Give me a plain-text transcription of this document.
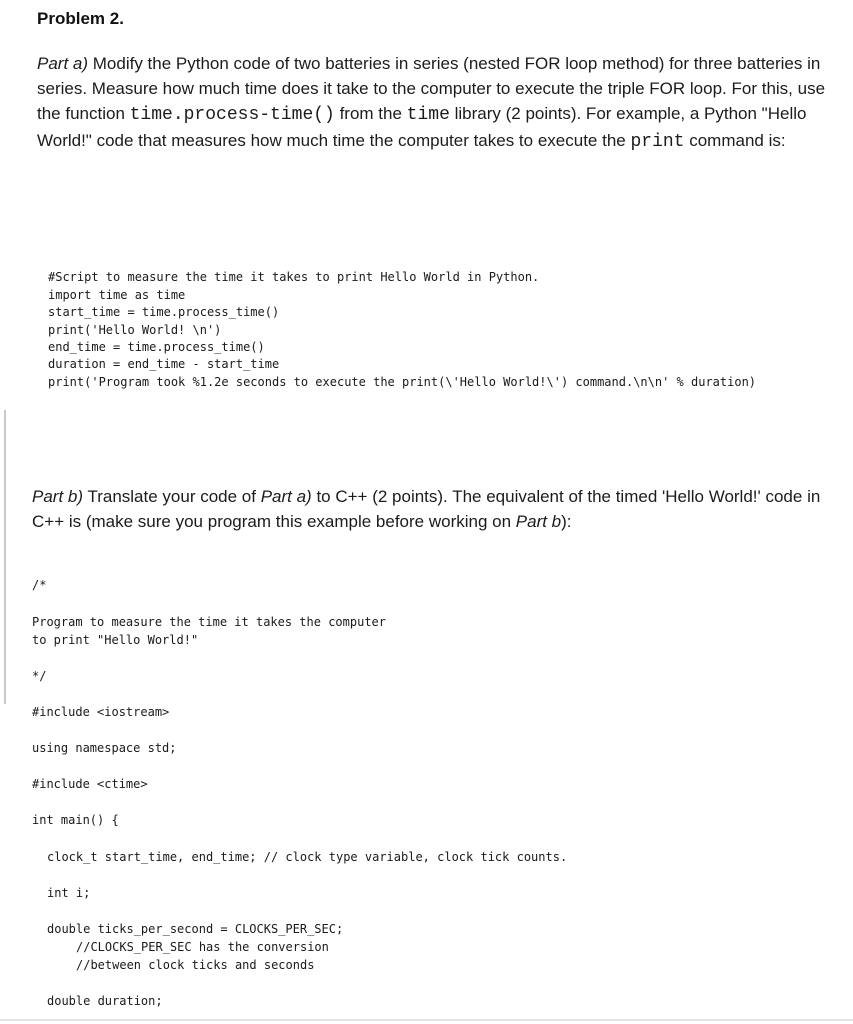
Problem 2.
Part a) Modify the Python code of two batteries in series (nested FOR loop method) for three batteries in series. Measure how much time does it take to the computer to execute the triple FOR loop. For this, use the function time.process-time() from the time library (2 points). For example, a Python "Hello World!" code that measures how much time the computer takes to execute the print command is:
#Script to measure the time it takes to print Hello World in Python.
import time as time
start_time = time.process_time()
print('Hello World! \n')
end_time = time.process_time()
duration = end_time - start_time
print('Program took %1.2e seconds to execute the print(\'Hello World!\') command.\n\n' % duration)
Part b) Translate your code of Part a) to C++ (2 points). The equivalent of the timed 'Hello World!' code in C++ is (make sure you program this example before working on Part b):
/*
Program to measure the time it takes the computer
to print "Hello World!"
*/
#include <iostream>
using namespace std;
#include <ctime>
int main() {
clock_t start_time, end_time; // clock type variable, clock tick counts.
int i;
double ticks_per_second = CLOCKS_PER_SEC;
//CLOCKS_PER_SEC has the conversion
//between clock ticks and seconds
double duration;
